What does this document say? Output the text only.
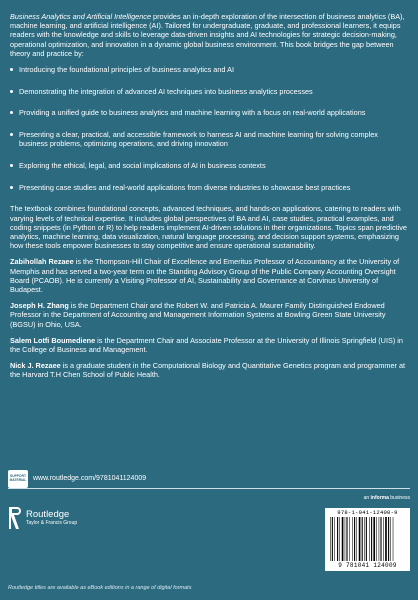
Business Analytics and Artificial Intelligence provides an in-depth exploration of the intersection of business analytics (BA), machine learning, and artificial intelligence (AI). Tailored for undergraduate, graduate, and professional learners, it equips readers with the knowledge and skills to leverage data-driven insights and AI technologies for strategic decision-making, operational optimization, and innovation in a dynamic global business environment. This book bridges the gap between theory and practice by:

Introducing the foundational principles of business analytics and AI
Demonstrating the integration of advanced AI techniques into business analytics processes
Providing a unified guide to business analytics and machine learning with a focus on real-world applications
Presenting a clear, practical, and accessible framework to harness AI and machine learning for solving complex business problems, optimizing operations, and driving innovation
Exploring the ethical, legal, and social implications of AI in business contexts
Presenting case studies and real-world applications from diverse industries to showcase best practices

The textbook combines foundational concepts, advanced techniques, and hands-on applications, catering to readers with varying levels of technical expertise. It includes global perspectives of BA and AI, case studies, practical examples, and coding snippets (in Python or R) to help readers implement AI-driven solutions in their organizations. Topics span predictive analytics, machine learning, data visualization, natural language processing, and decision support systems, emphasizing how these tools empower businesses to stay competitive and ensure operational sustainability.

Zabihollah Rezaee is the Thompson-Hill Chair of Excellence and Emeritus Professor of Accountancy at the University of Memphis and has served a two-year term on the Standing Advisory Group of the Public Company Accounting Oversight Board (PCAOB). He is currently a Visiting Professor of AI, Sustainability and Governance at Corvinus University of Budapest.

Joseph H. Zhang is the Department Chair and the Robert W. and Patricia A. Maurer Family Distinguished Endowed Professor in the Department of Accounting and Management Information Systems at Bowling Green State University (BGSU) in Ohio, USA.

Salem Lotfi Boumediene is the Department Chair and Associate Professor at the University of Illinois Springfield (UIS) in the College of Business and Management.

Nick J. Rezaee is a graduate student in the Computational Biology and Quantitative Genetics program and programmer at the Harvard T.H Chen School of Public Health.

SUPPORT MATERIAL www.routledge.com/9781041124009
an informa business
Routledge
Taylor & Francis Group
978-1-041-12400-9
9 781041 124009
Routledge titles are available as eBook editions in a range of digital formats
